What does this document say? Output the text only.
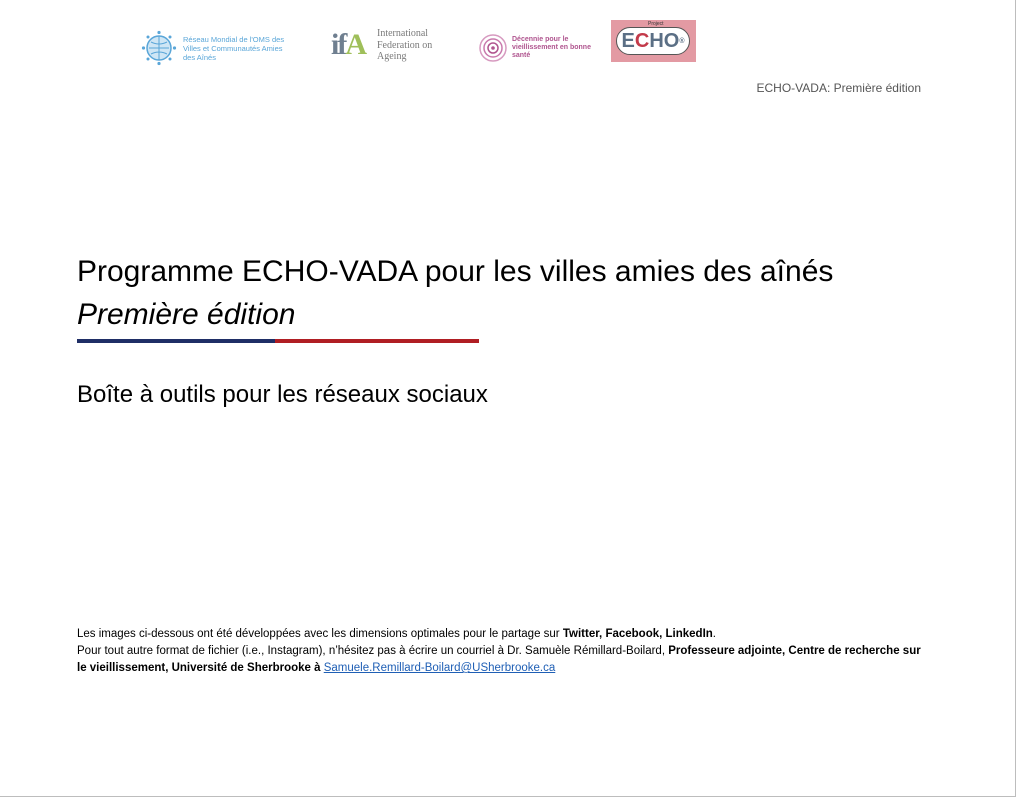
Réseau Mondial de l'OMS des Villes et Communautés Amies des Aînés	ifA International Federation on Ageing
Décennie pour le vieillissement en bonne santé
Project
E C HO ®
ECHO-VADA: Première édition
Programme ECHO-VADA pour les villes amies des aînés
Première édition
Boîte à outils pour les réseaux sociaux
Les images ci-dessous ont été développées avec les dimensions optimales pour le partage sur Twitter, Facebook, LinkedIn.
Pour tout autre format de fichier (i.e., Instagram), n’hésitez pas à écrire un courriel à Dr. Samuèle Rémillard-Boilard, Professeure adjointe, Centre de recherche sur le vieillissement, Université de Sherbrooke à Samuele.Remillard-Boilard@USherbrooke.ca
